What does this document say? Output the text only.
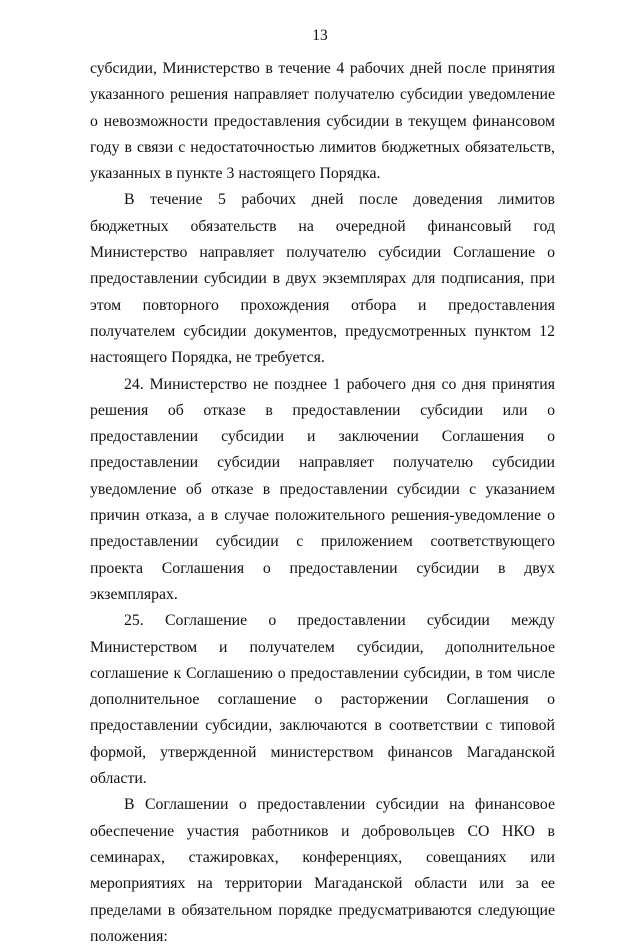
13

субсидии, Министерство в течение 4 рабочих дней после принятия указанного решения направляет получателю субсидии уведомление о невозможности предоставления субсидии в текущем финансовом году в связи с недостаточностью лимитов бюджетных обязательств, указанных в пункте 3 настоящего Порядка.

В течение 5 рабочих дней после доведения лимитов бюджетных обязательств на очередной финансовый год Министерство направляет получателю субсидии Соглашение о предоставлении субсидии в двух экземплярах для подписания, при этом повторного прохождения отбора и предоставления получателем субсидии документов, предусмотренных пунктом 12 настоящего Порядка, не требуется.

24. Министерство не позднее 1 рабочего дня со дня принятия решения об отказе в предоставлении субсидии или о предоставлении субсидии и заключении Соглашения о предоставлении субсидии направляет получателю субсидии уведомление об отказе в предоставлении субсидии с указанием причин отказа, а в случае положительного решения-уведомление о предоставлении субсидии с приложением соответствующего проекта Соглашения о предоставлении субсидии в двух экземплярах.

25. Соглашение о предоставлении субсидии между Министерством и получателем субсидии, дополнительное соглашение к Соглашению о предоставлении субсидии, в том числе дополнительное соглашение о расторжении Соглашения о предоставлении субсидии, заключаются в соответствии с типовой формой, утвержденной министерством финансов Магаданской области.

В Соглашении о предоставлении субсидии на финансовое обеспечение участия работников и добровольцев СО НКО в семинарах, стажировках, конференциях, совещаниях или мероприятиях на территории Магаданской области или за ее пределами в обязательном порядке предусматриваются следующие положения:
